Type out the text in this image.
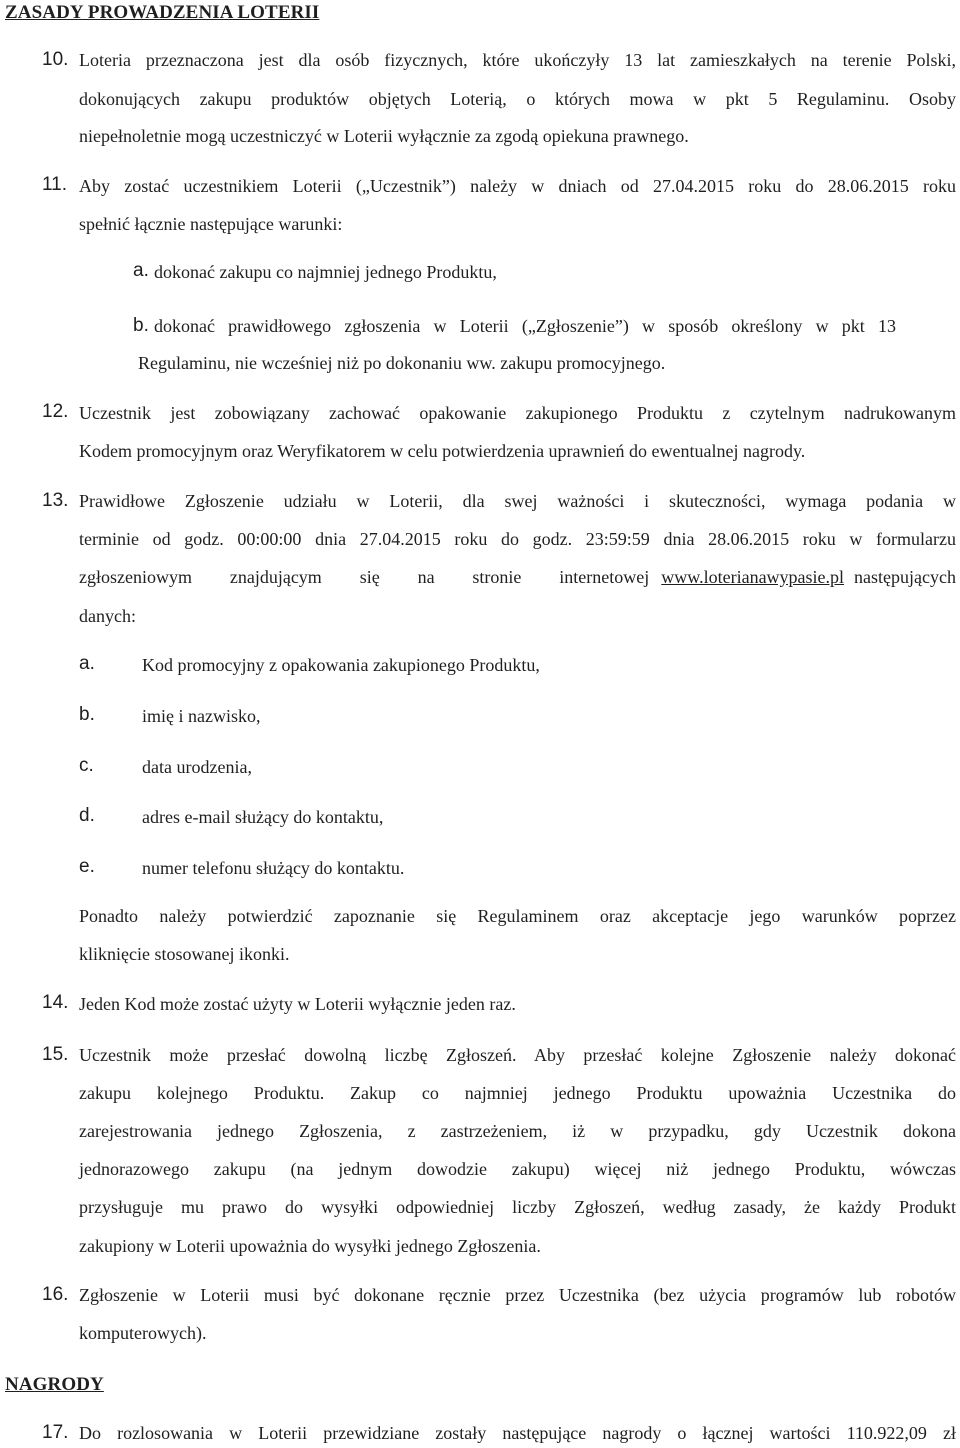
ZASADY PROWADZENIA LOTERII
10. Loteria przeznaczona jest dla osób fizycznych, które ukończyły 13 lat zamieszkałych na terenie Polski,
dokonujących zakupu produktów objętych Loterią, o których mowa w pkt 5 Regulaminu. Osoby
niepełnoletnie mogą uczestniczyć w Loterii wyłącznie za zgodą opiekuna prawnego.
11. Aby zostać uczestnikiem Loterii („Uczestnik”) należy w dniach od 27.04.2015 roku do 28.06.2015 roku
spełnić łącznie następujące warunki:
a. dokonać zakupu co najmniej jednego Produktu,
b. dokonać prawidłowego zgłoszenia w Loterii („Zgłoszenie”) w sposób określony w pkt 13
Regulaminu, nie wcześniej niż po dokonaniu ww. zakupu promocyjnego.
12. Uczestnik jest zobowiązany zachować opakowanie zakupionego Produktu z czytelnym nadrukowanym
Kodem promocyjnym oraz Weryfikatorem w celu potwierdzenia uprawnień do ewentualnej nagrody.
13. Prawidłowe Zgłoszenie udziału w Loterii, dla swej ważności i skuteczności, wymaga podania w
terminie od godz. 00:00:00 dnia 27.04.2015 roku do godz. 23:59:59 dnia 28.06.2015 roku w formularzu
zgłoszeniowym znajdującym się na stronie internetowej www.loterianawypasie.pl następujących
danych:
a.	Kod promocyjny z opakowania zakupionego Produktu,
b.	imię i nazwisko,
c.	data urodzenia,
d.	adres e-mail służący do kontaktu,
e.	numer telefonu służący do kontaktu.
Ponadto należy potwierdzić zapoznanie się Regulaminem oraz akceptacje jego warunków poprzez
kliknięcie stosowanej ikonki.
14. Jeden Kod może zostać użyty w Loterii wyłącznie jeden raz.
15. Uczestnik może przesłać dowolną liczbę Zgłoszeń. Aby przesłać kolejne Zgłoszenie należy dokonać
zakupu kolejnego Produktu. Zakup co najmniej jednego Produktu upoważnia Uczestnika do
zarejestrowania jednego Zgłoszenia, z zastrzeżeniem, iż w przypadku, gdy Uczestnik dokona
jednorazowego zakupu (na jednym dowodzie zakupu) więcej niż jednego Produktu, wówczas
przysługuje mu prawo do wysyłki odpowiedniej liczby Zgłoszeń, według zasady, że każdy Produkt
zakupiony w Loterii upoważnia do wysyłki jednego Zgłoszenia.
16. Zgłoszenie w Loterii musi być dokonane ręcznie przez Uczestnika (bez użycia programów lub robotów
komputerowych).
NAGRODY
17. Do rozlosowania w Loterii przewidziane zostały następujące nagrody o łącznej wartości 110.922,09 zł
